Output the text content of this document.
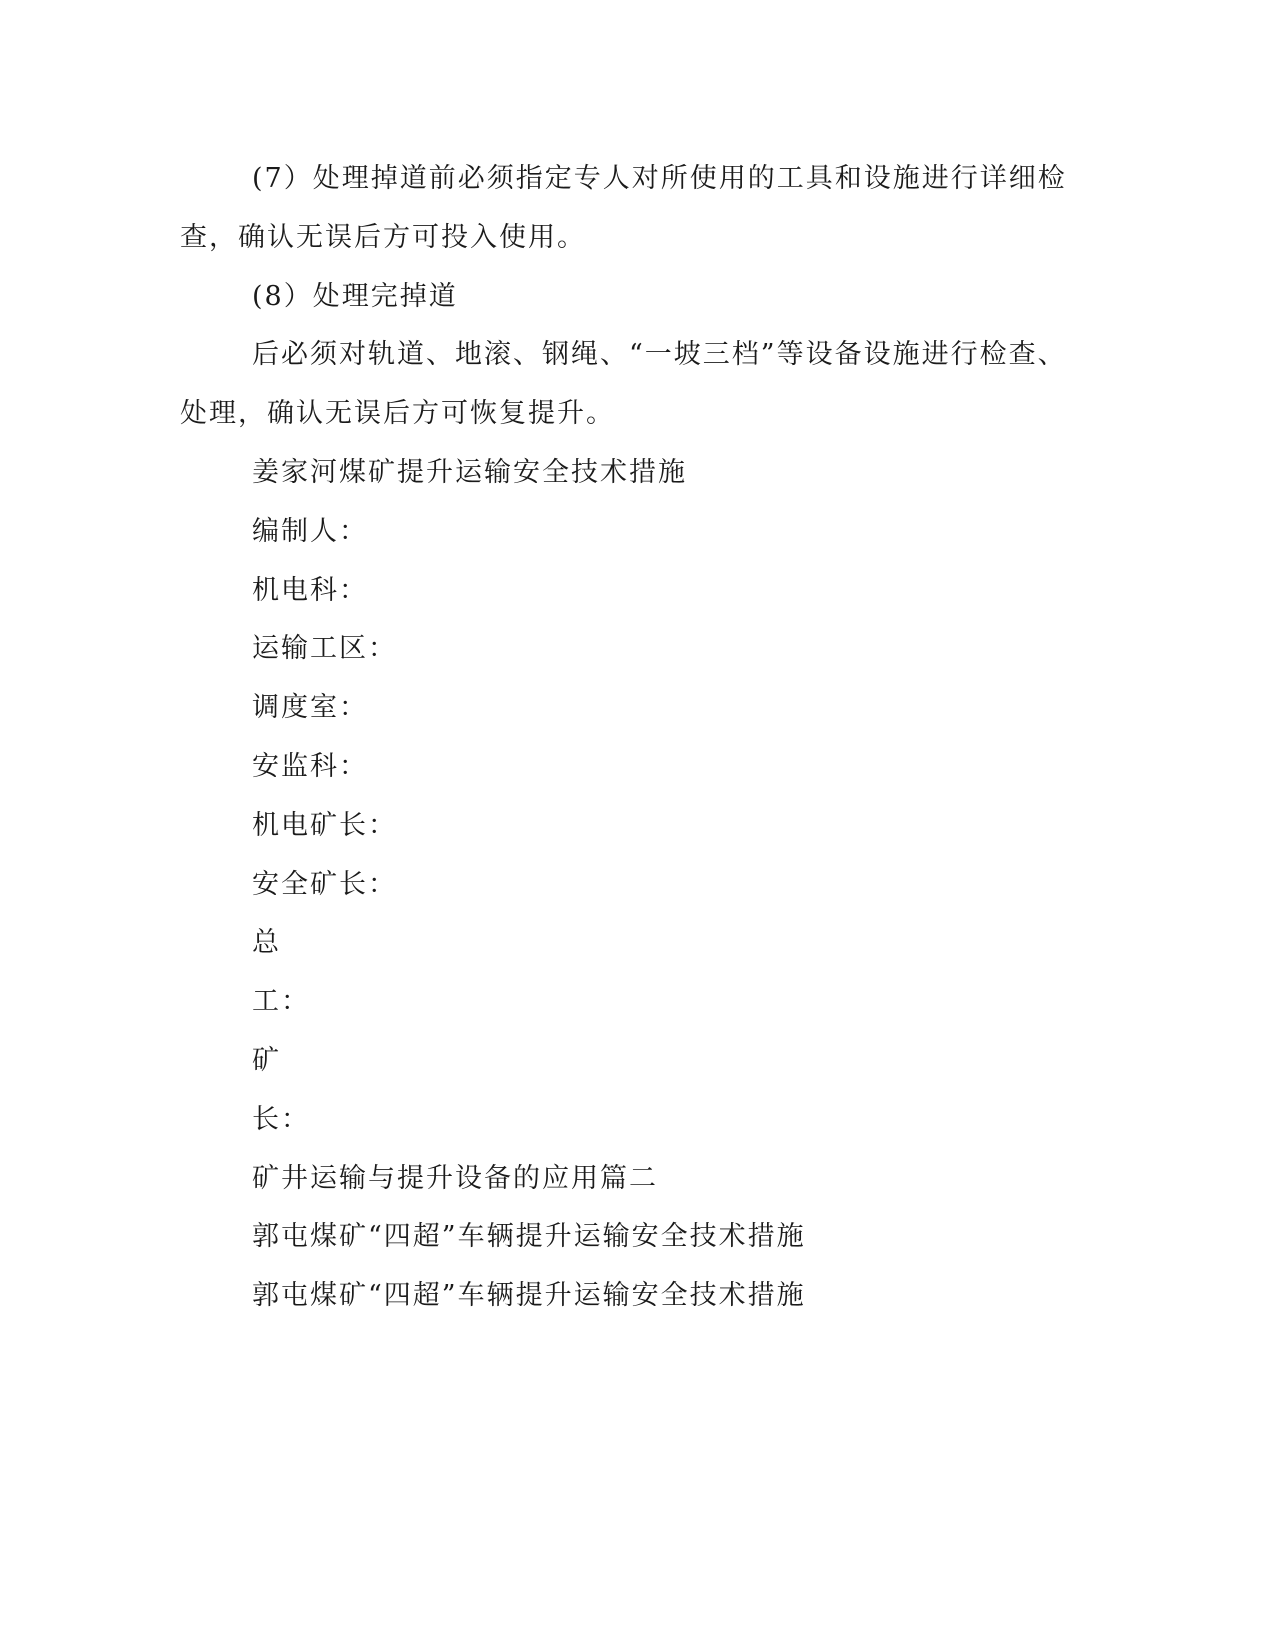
(7）处理掉道前必须指定专人对所使用的工具和设施进行详细检
查，确认无误后方可投入使用。
(8）处理完掉道
后必须对轨道、地滚、钢绳、“一坡三档”等设备设施进行检查、
处理，确认无误后方可恢复提升。
姜家河煤矿提升运输安全技术措施
编制人：
机电科：
运输工区：
调度室：
安监科：
机电矿长：
安全矿长：
总
工：
矿
长：
矿井运输与提升设备的应用篇二
郭屯煤矿“四超”车辆提升运输安全技术措施
郭屯煤矿“四超”车辆提升运输安全技术措施
